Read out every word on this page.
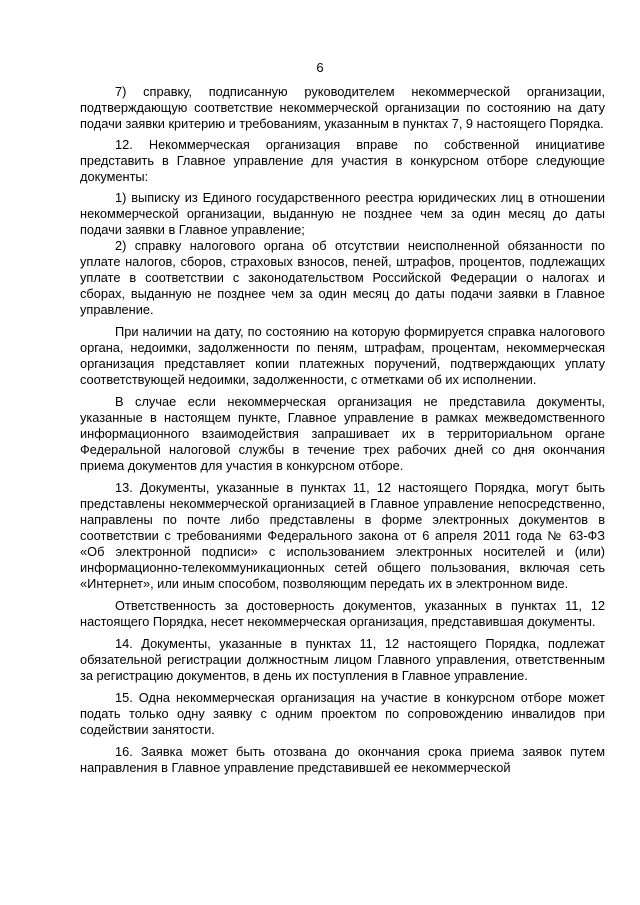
6

7) справку, подписанную руководителем некоммерческой организации, подтверждающую соответствие некоммерческой организации по состоянию на дату подачи заявки критерию и требованиям, указанным в пунктах 7, 9 настоящего Порядка.

12. Некоммерческая организация вправе по собственной инициативе представить в Главное управление для участия в конкурсном отборе следующие документы:

1) выписку из Единого государственного реестра юридических лиц в отношении некоммерческой организации, выданную не позднее чем за один месяц до даты подачи заявки в Главное управление;

2) справку налогового органа об отсутствии неисполненной обязанности по уплате налогов, сборов, страховых взносов, пеней, штрафов, процентов, подлежащих уплате в соответствии с законодательством Российской Федерации о налогах и сборах, выданную не позднее чем за один месяц до даты подачи заявки в Главное управление.

При наличии на дату, по состоянию на которую формируется справка налогового органа, недоимки, задолженности по пеням, штрафам, процентам, некоммерческая организация представляет копии платежных поручений, подтверждающих уплату соответствующей недоимки, задолженности, с отметками об их исполнении.

В случае если некоммерческая организация не представила документы, указанные в настоящем пункте, Главное управление в рамках межведомственного информационного взаимодействия запрашивает их в территориальном органе Федеральной налоговой службы в течение трех рабочих дней со дня окончания приема документов для участия в конкурсном отборе.

13. Документы, указанные в пунктах 11, 12 настоящего Порядка, могут быть представлены некоммерческой организацией в Главное управление непосредственно, направлены по почте либо представлены в форме электронных документов в соответствии с требованиями Федерального закона от 6 апреля 2011 года № 63-ФЗ «Об электронной подписи» с использованием электронных носителей и (или) информационно-телекоммуникационных сетей общего пользования, включая сеть «Интернет», или иным способом, позволяющим передать их в электронном виде.

Ответственность за достоверность документов, указанных в пунктах 11, 12 настоящего Порядка, несет некоммерческая организация, представившая документы.

14. Документы, указанные в пунктах 11, 12 настоящего Порядка, подлежат обязательной регистрации должностным лицом Главного управления, ответственным за регистрацию документов, в день их поступления в Главное управление.

15. Одна некоммерческая организация на участие в конкурсном отборе может подать только одну заявку с одним проектом по сопровождению инвалидов при содействии занятости.

16. Заявка может быть отозвана до окончания срока приема заявок путем направления в Главное управление представившей ее некоммерческой
